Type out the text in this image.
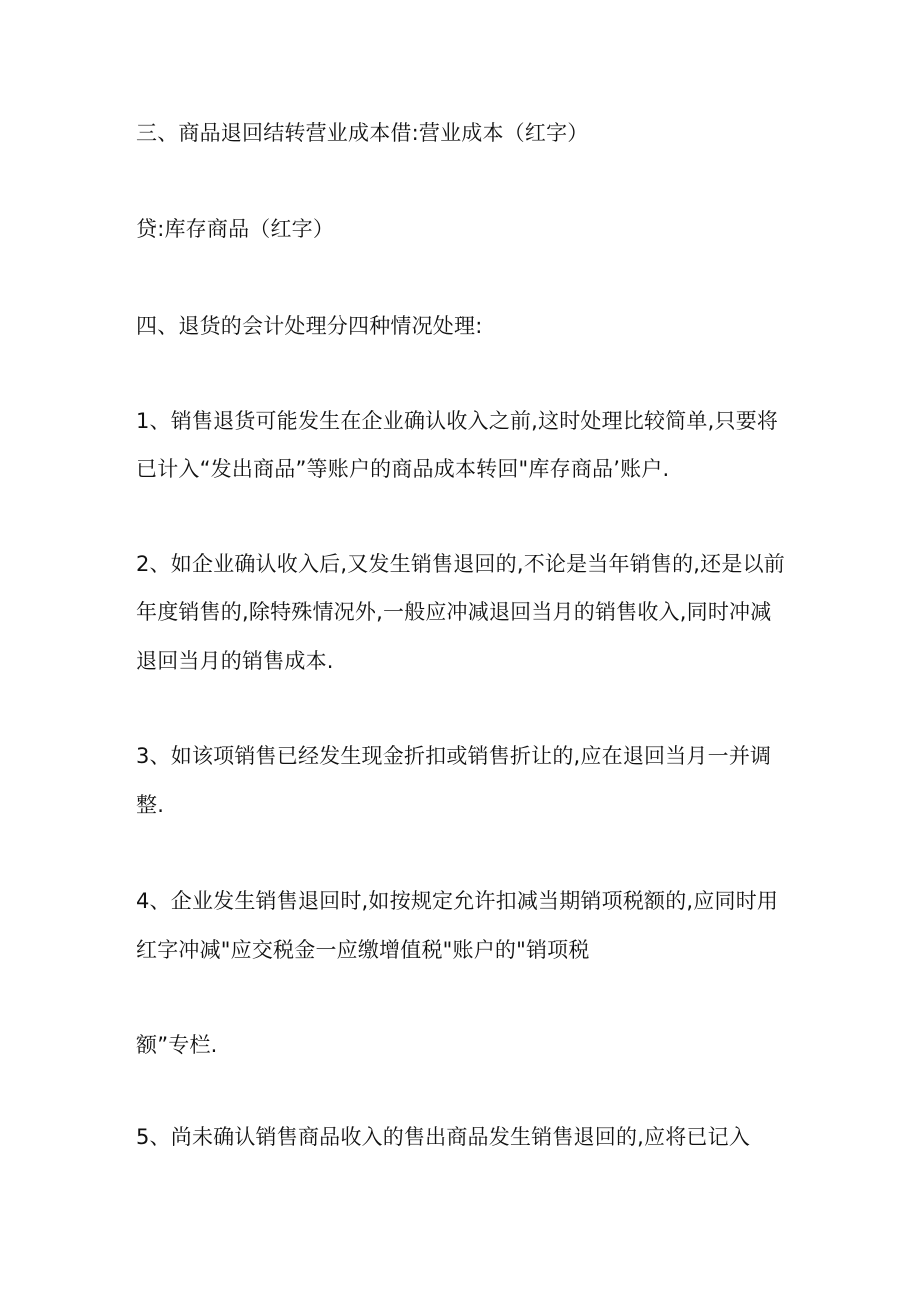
三、商品退回结转营业成本借:营业成本（红字）
贷:库存商品（红字）
四、退货的会计处理分四种情况处理:
1、销售退货可能发生在企业确认收入之前,这时处理比较简单,只要将
已计入“发出商品”等账户的商品成本转回"库存商品’账户.
2、如企业确认收入后,又发生销售退回的,不论是当年销售的,还是以前
年度销售的,除特殊情况外,一般应冲减退回当月的销售收入,同时冲减
退回当月的销售成本.
3、如该项销售已经发生现金折扣或销售折让的,应在退回当月一并调
整.
4、企业发生销售退回时,如按规定允许扣减当期销项税额的,应同时用
红字冲减"应交税金一应缴增值税"账户的"销项税
额”专栏.
5、尚未确认销售商品收入的售出商品发生销售退回的,应将已记入
